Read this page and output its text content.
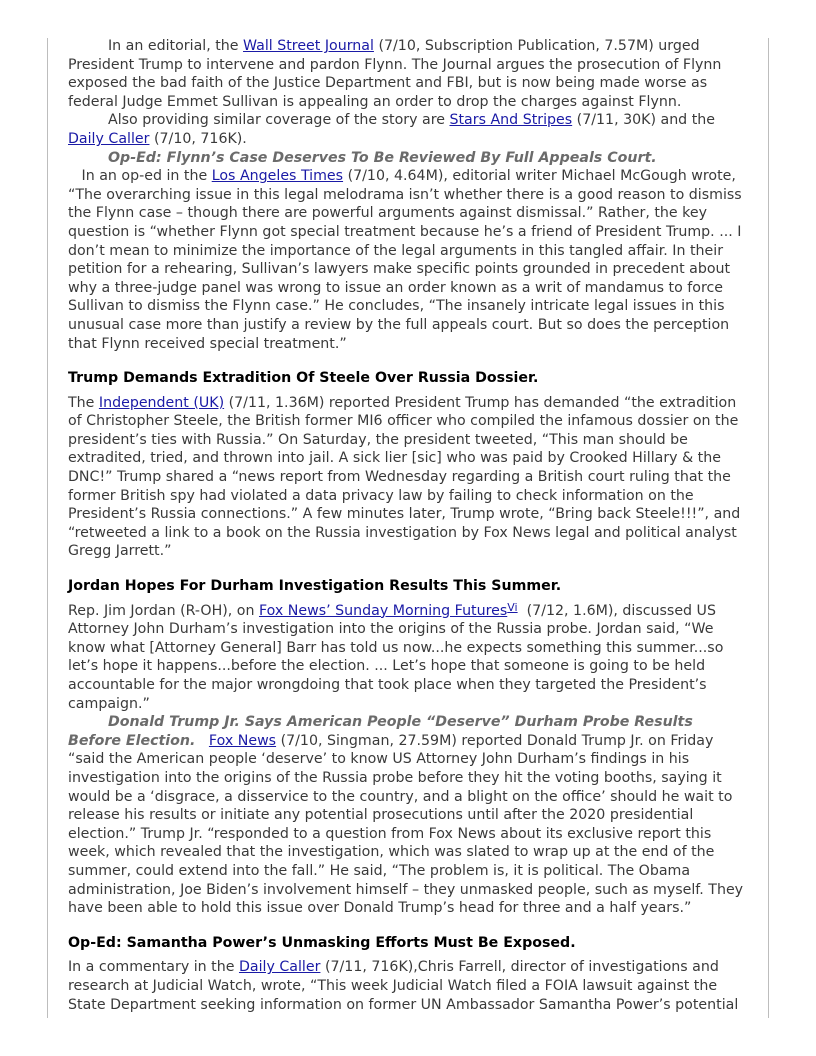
In an editorial, the Wall Street Journal (7/10, Subscription Publication, 7.57M) urged President Trump to intervene and pardon Flynn. The Journal argues the prosecution of Flynn exposed the bad faith of the Justice Department and FBI, but is now being made worse as federal Judge Emmet Sullivan is appealing an order to drop the charges against Flynn.

Also providing similar coverage of the story are Stars And Stripes (7/11, 30K) and the Daily Caller (7/10, 716K).

Op-Ed: Flynn’s Case Deserves To Be Reviewed By Full Appeals Court.   In an op-ed in the Los Angeles Times (7/10, 4.64M), editorial writer Michael McGough wrote, “The overarching issue in this legal melodrama isn’t whether there is a good reason to dismiss the Flynn case – though there are powerful arguments against dismissal.” Rather, the key question is “whether Flynn got special treatment because he’s a friend of President Trump. ... I don’t mean to minimize the importance of the legal arguments in this tangled affair. In their petition for a rehearing, Sullivan’s lawyers make specific points grounded in precedent about why a three-judge panel was wrong to issue an order known as a writ of mandamus to force Sullivan to dismiss the Flynn case.” He concludes, “The insanely intricate legal issues in this unusual case more than justify a review by the full appeals court. But so does the perception that Flynn received special treatment.”

Trump Demands Extradition Of Steele Over Russia Dossier.

The Independent (UK) (7/11, 1.36M) reported President Trump has demanded “the extradition of Christopher Steele, the British former MI6 officer who compiled the infamous dossier on the president’s ties with Russia.” On Saturday, the president tweeted, “This man should be extradited, tried, and thrown into jail. A sick lier [sic] who was paid by Crooked Hillary & the DNC!” Trump shared a “news report from Wednesday regarding a British court ruling that the former British spy had violated a data privacy law by failing to check information on the President’s Russia connections.” A few minutes later, Trump wrote, “Bring back Steele!!!”, and “retweeted a link to a book on the Russia investigation by Fox News legal and political analyst Gregg Jarrett.”

Jordan Hopes For Durham Investigation Results This Summer.

Rep. Jim Jordan (R-OH), on Fox News’ Sunday Morning Futures$^{Vi}$  (7/12, 1.6M), discussed US Attorney John Durham’s investigation into the origins of the Russia probe. Jordan said, “We know what [Attorney General] Barr has told us now...he expects something this summer...so let’s hope it happens...before the election. ... Let’s hope that someone is going to be held accountable for the major wrongdoing that took place when they targeted the President’s campaign.”

Donald Trump Jr. Says American People “Deserve” Durham Probe Results Before Election. Fox News (7/10, Singman, 27.59M) reported Donald Trump Jr. on Friday “said the American people ‘deserve’ to know US Attorney John Durham’s findings in his investigation into the origins of the Russia probe before they hit the voting booths, saying it would be a ‘disgrace, a disservice to the country, and a blight on the office’ should he wait to release his results or initiate any potential prosecutions until after the 2020 presidential election.” Trump Jr. “responded to a question from Fox News about its exclusive report this week, which revealed that the investigation, which was slated to wrap up at the end of the summer, could extend into the fall.” He said, “The problem is, it is political. The Obama administration, Joe Biden’s involvement himself – they unmasked people, such as myself. They have been able to hold this issue over Donald Trump’s head for three and a half years.”

Op-Ed: Samantha Power’s Unmasking Efforts Must Be Exposed.

In a commentary in the Daily Caller (7/11, 716K),Chris Farrell, director of investigations and research at Judicial Watch, wrote, “This week Judicial Watch filed a FOIA lawsuit against the State Department seeking information on former UN Ambassador Samantha Power’s potential
